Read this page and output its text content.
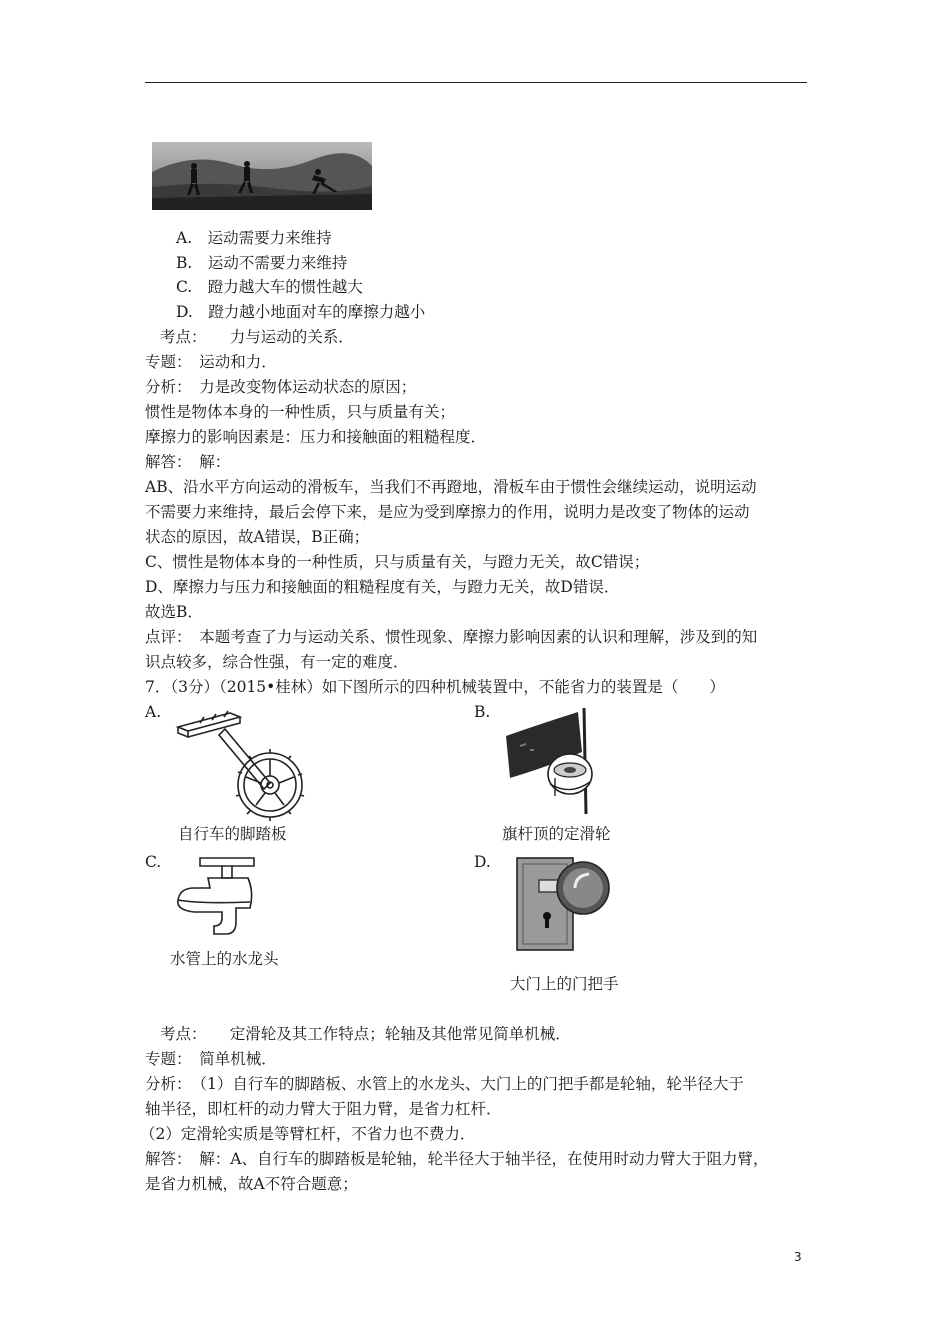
A.　运动需要力来维持
B.　运动不需要力来维持
C.　蹬力越大车的惯性越大
D.　蹬力越小地面对车的摩擦力越小
考点：　　力与运动的关系．
专题：　运动和力．
分析：　力是改变物体运动状态的原因；
惯性是物体本身的一种性质，只与质量有关；
摩擦力的影响因素是：压力和接触面的粗糙程度．
解答：　解：
AB、沿水平方向运动的滑板车，当我们不再蹬地，滑板车由于惯性会继续运动，说明运动
不需要力来维持，最后会停下来，是应为受到摩擦力的作用，说明力是改变了物体的运动
状态的原因，故A错误，B正确；
C、惯性是物体本身的一种性质，只与质量有关，与蹬力无关，故C错误；
D、摩擦力与压力和接触面的粗糙程度有关，与蹬力无关，故D错误．
故选B．
点评：　本题考查了力与运动关系、惯性现象、摩擦力影响因素的认识和理解，涉及到的知
识点较多，综合性强，有一定的难度．
7．（3分）（2015•桂林）如下图所示的四种机械装置中，不能省力的装置是（　　）
A.
自行车的脚踏板
B.
旗杆顶的定滑轮
C.
水管上的水龙头
D.
大门上的门把手
考点：　　定滑轮及其工作特点；轮轴及其他常见简单机械．
专题：　简单机械．
分析：　（1）自行车的脚踏板、水管上的水龙头、大门上的门把手都是轮轴，轮半径大于
轴半径，即杠杆的动力臂大于阻力臂，是省力杠杆．
（2）定滑轮实质是等臂杠杆，不省力也不费力．
解答：　解：A、自行车的脚踏板是轮轴，轮半径大于轴半径，在使用时动力臂大于阻力臂，
是省力机械，故A不符合题意；
3
